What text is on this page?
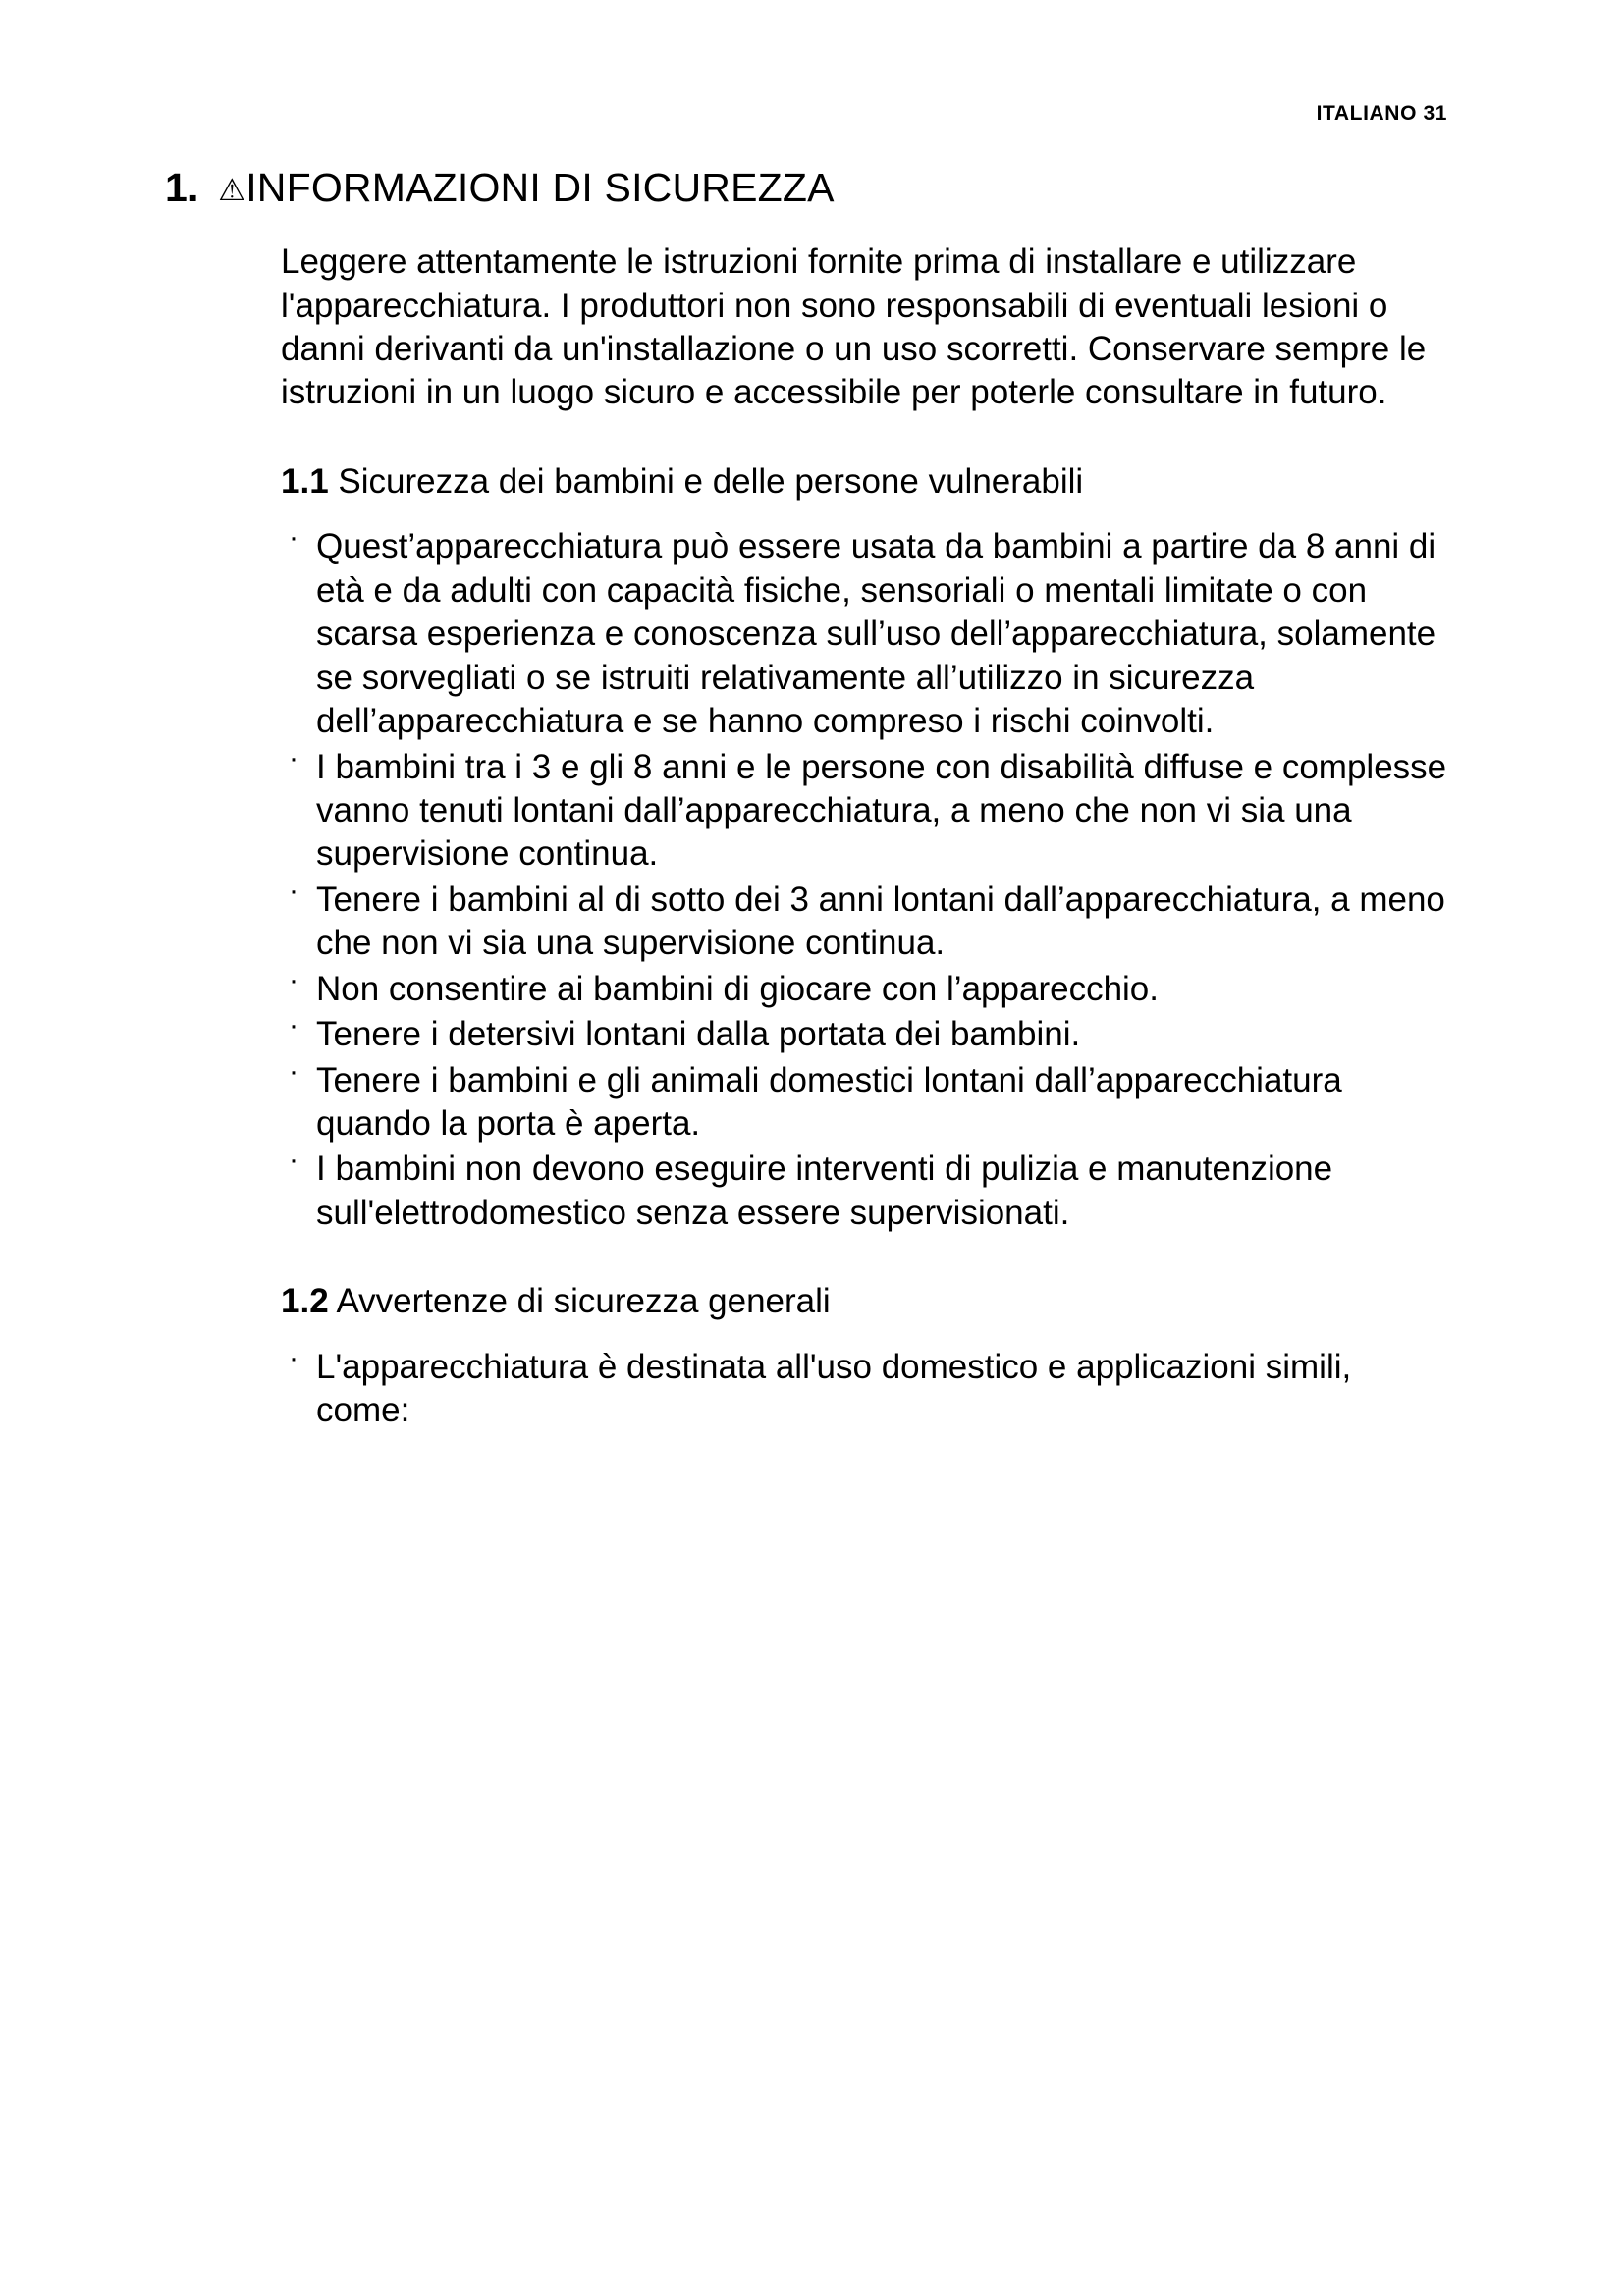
ITALIANO 31
1. ⚠INFORMAZIONI DI SICUREZZA

Leggere attentamente le istruzioni fornite prima di installare e utilizzare l'apparecchiatura. I produttori non sono responsabili di eventuali lesioni o danni derivanti da un'installazione o un uso scorretti. Conservare sempre le istruzioni in un luogo sicuro e accessibile per poterle consultare in futuro.

1.1 Sicurezza dei bambini e delle persone vulnerabili
· Quest’apparecchiatura può essere usata da bambini a partire da 8 anni di età e da adulti con capacità fisiche, sensoriali o mentali limitate o con scarsa esperienza e conoscenza sull’uso dell’apparecchiatura, solamente se sorvegliati o se istruiti relativamente all’utilizzo in sicurezza dell’apparecchiatura e se hanno compreso i rischi coinvolti.
· I bambini tra i 3 e gli 8 anni e le persone con disabilità diffuse e complesse vanno tenuti lontani dall’apparecchiatura, a meno che non vi sia una supervisione continua.
· Tenere i bambini al di sotto dei 3 anni lontani dall’apparecchiatura, a meno che non vi sia una supervisione continua.
· Non consentire ai bambini di giocare con l’apparecchio.
· Tenere i detersivi lontani dalla portata dei bambini.
· Tenere i bambini e gli animali domestici lontani dall’apparecchiatura quando la porta è aperta.
· I bambini non devono eseguire interventi di pulizia e manutenzione sull'elettrodomestico senza essere supervisionati.
1.2 Avvertenze di sicurezza generali
· L'apparecchiatura è destinata all'uso domestico e applicazioni simili, come:
